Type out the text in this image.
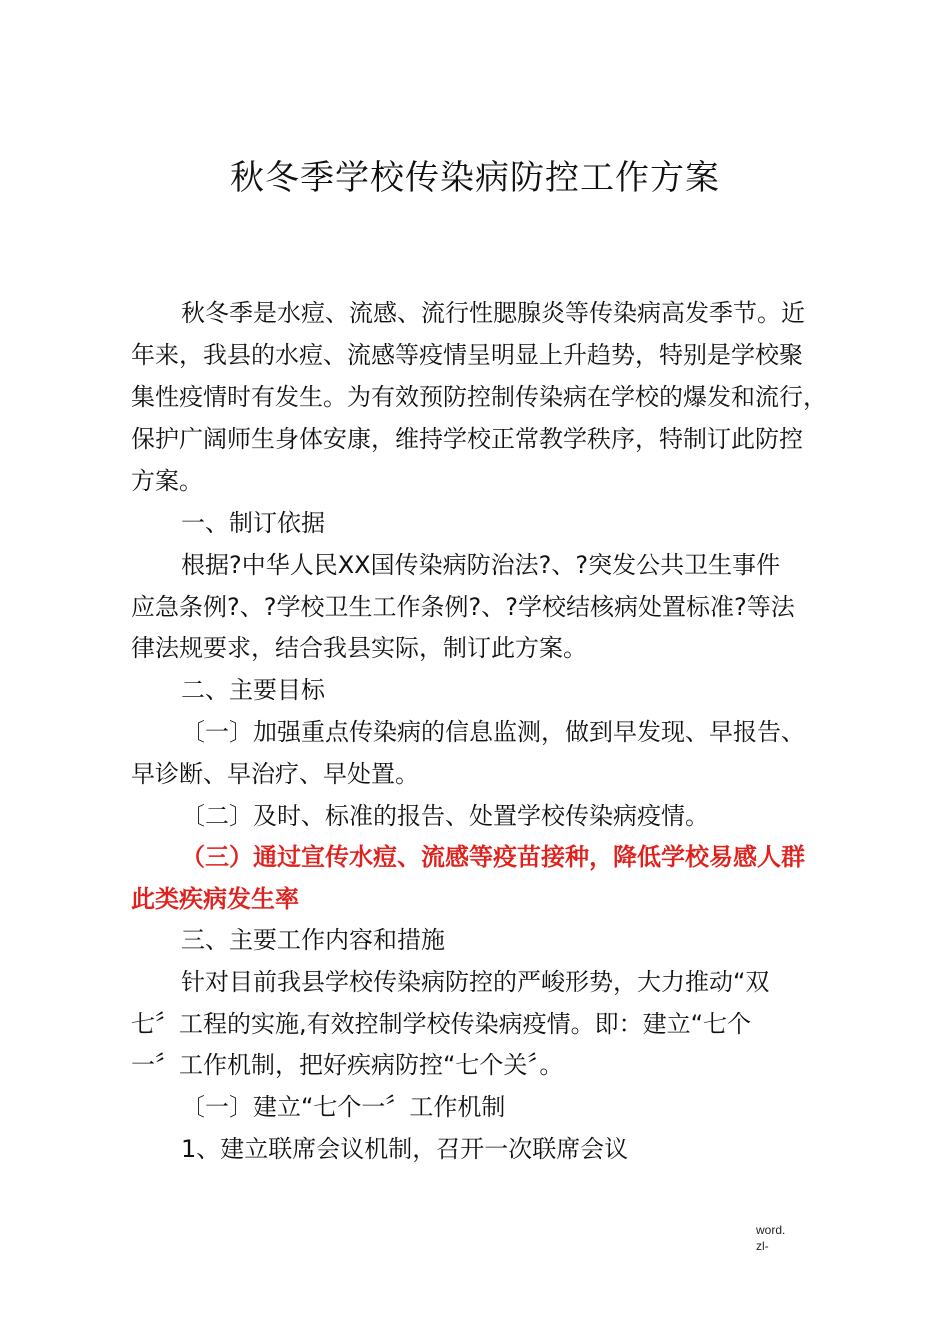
秋冬季学校传染病防控工作方案
秋冬季是水痘、流感、流行性腮腺炎等传染病高发季节。近
年来，我县的水痘、流感等疫情呈明显上升趋势，特别是学校聚
集性疫情时有发生。为有效预防控制传染病在学校的爆发和流行，
保护广阔师生身体安康，维持学校正常教学秩序，特制订此防控
方案。
一、制订依据
根据?中华人民XX国传染病防治法?、?突发公共卫生事件
应急条例?、?学校卫生工作条例?、?学校结核病处置标准?等法
律法规要求，结合我县实际，制订此方案。
二、主要目标
〔一〕加强重点传染病的信息监测，做到早发现、早报告、
早诊断、早治疗、早处置。
〔二〕及时、标准的报告、处置学校传染病疫情。
（三）通过宣传水痘、流感等疫苗接种，降低学校易感人群
此类疾病发生率
三、主要工作内容和措施
针对目前我县学校传染病防控的严峻形势，大力推动“双
七〞工程的实施,有效控制学校传染病疫情。即：建立“七个
一〞工作机制，把好疾病防控“七个关〞。
〔一〕建立“七个一〞工作机制
1、建立联席会议机制，召开一次联席会议
word.
zl-
